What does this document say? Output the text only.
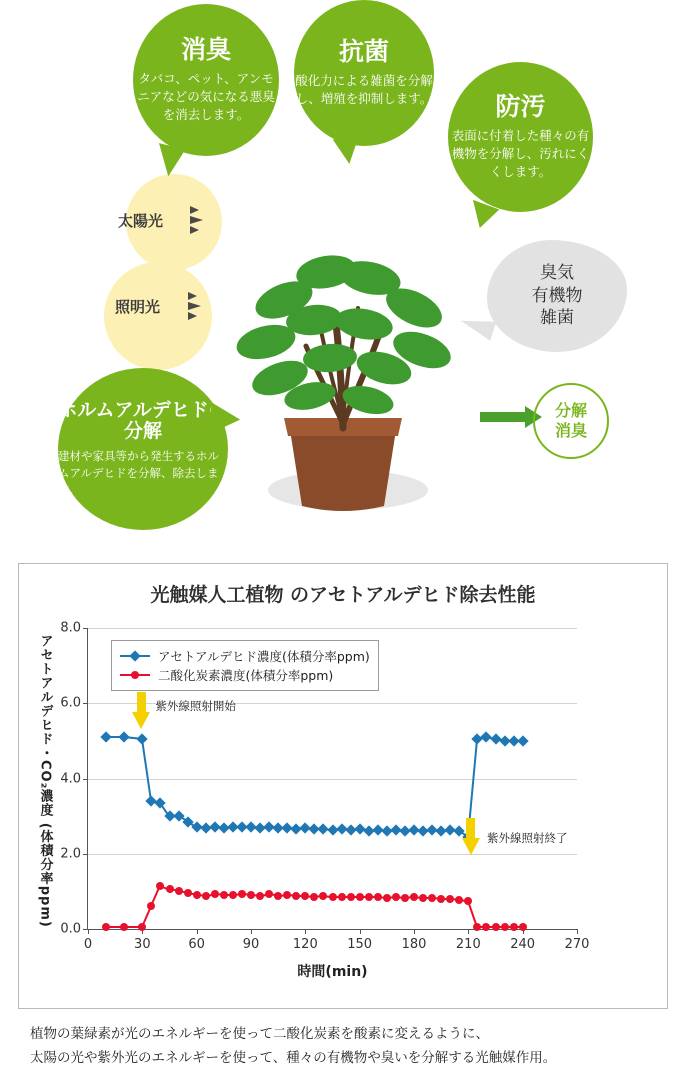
太陽光
照明光
臭気
有機物
雑菌
分解
消臭
消臭
タバコ、ペット、アンモニアなどの気になる悪臭を消去します。
抗菌
酸化力による雑菌を分解し、増殖を抑制します。	防汚
表面に付着した種々の有機物を分解し、汚れにくくします。
ホルムアルデヒドの分解
建材や家具等から発生するホルムアルデヒドを分解、除去します。
光触媒人工植物 のアセトアルデヒド除去性能
アセトアルデヒド・CO₂濃度 (体積分率ppm)
時間(min)
0.0
2.0
4.0
6.0
8.0
0	30	60	90	120 150 180 210 240 270
アセトアルデヒド濃度(体積分率ppm)
二酸化炭素濃度(体積分率ppm)
紫外線照射開始
紫外線照射終了
植物の葉緑素が光のエネルギーを使って二酸化炭素を酸素に変えるように、
太陽の光や紫外光のエネルギーを使って、種々の有機物や臭いを分解する光触媒作用。
